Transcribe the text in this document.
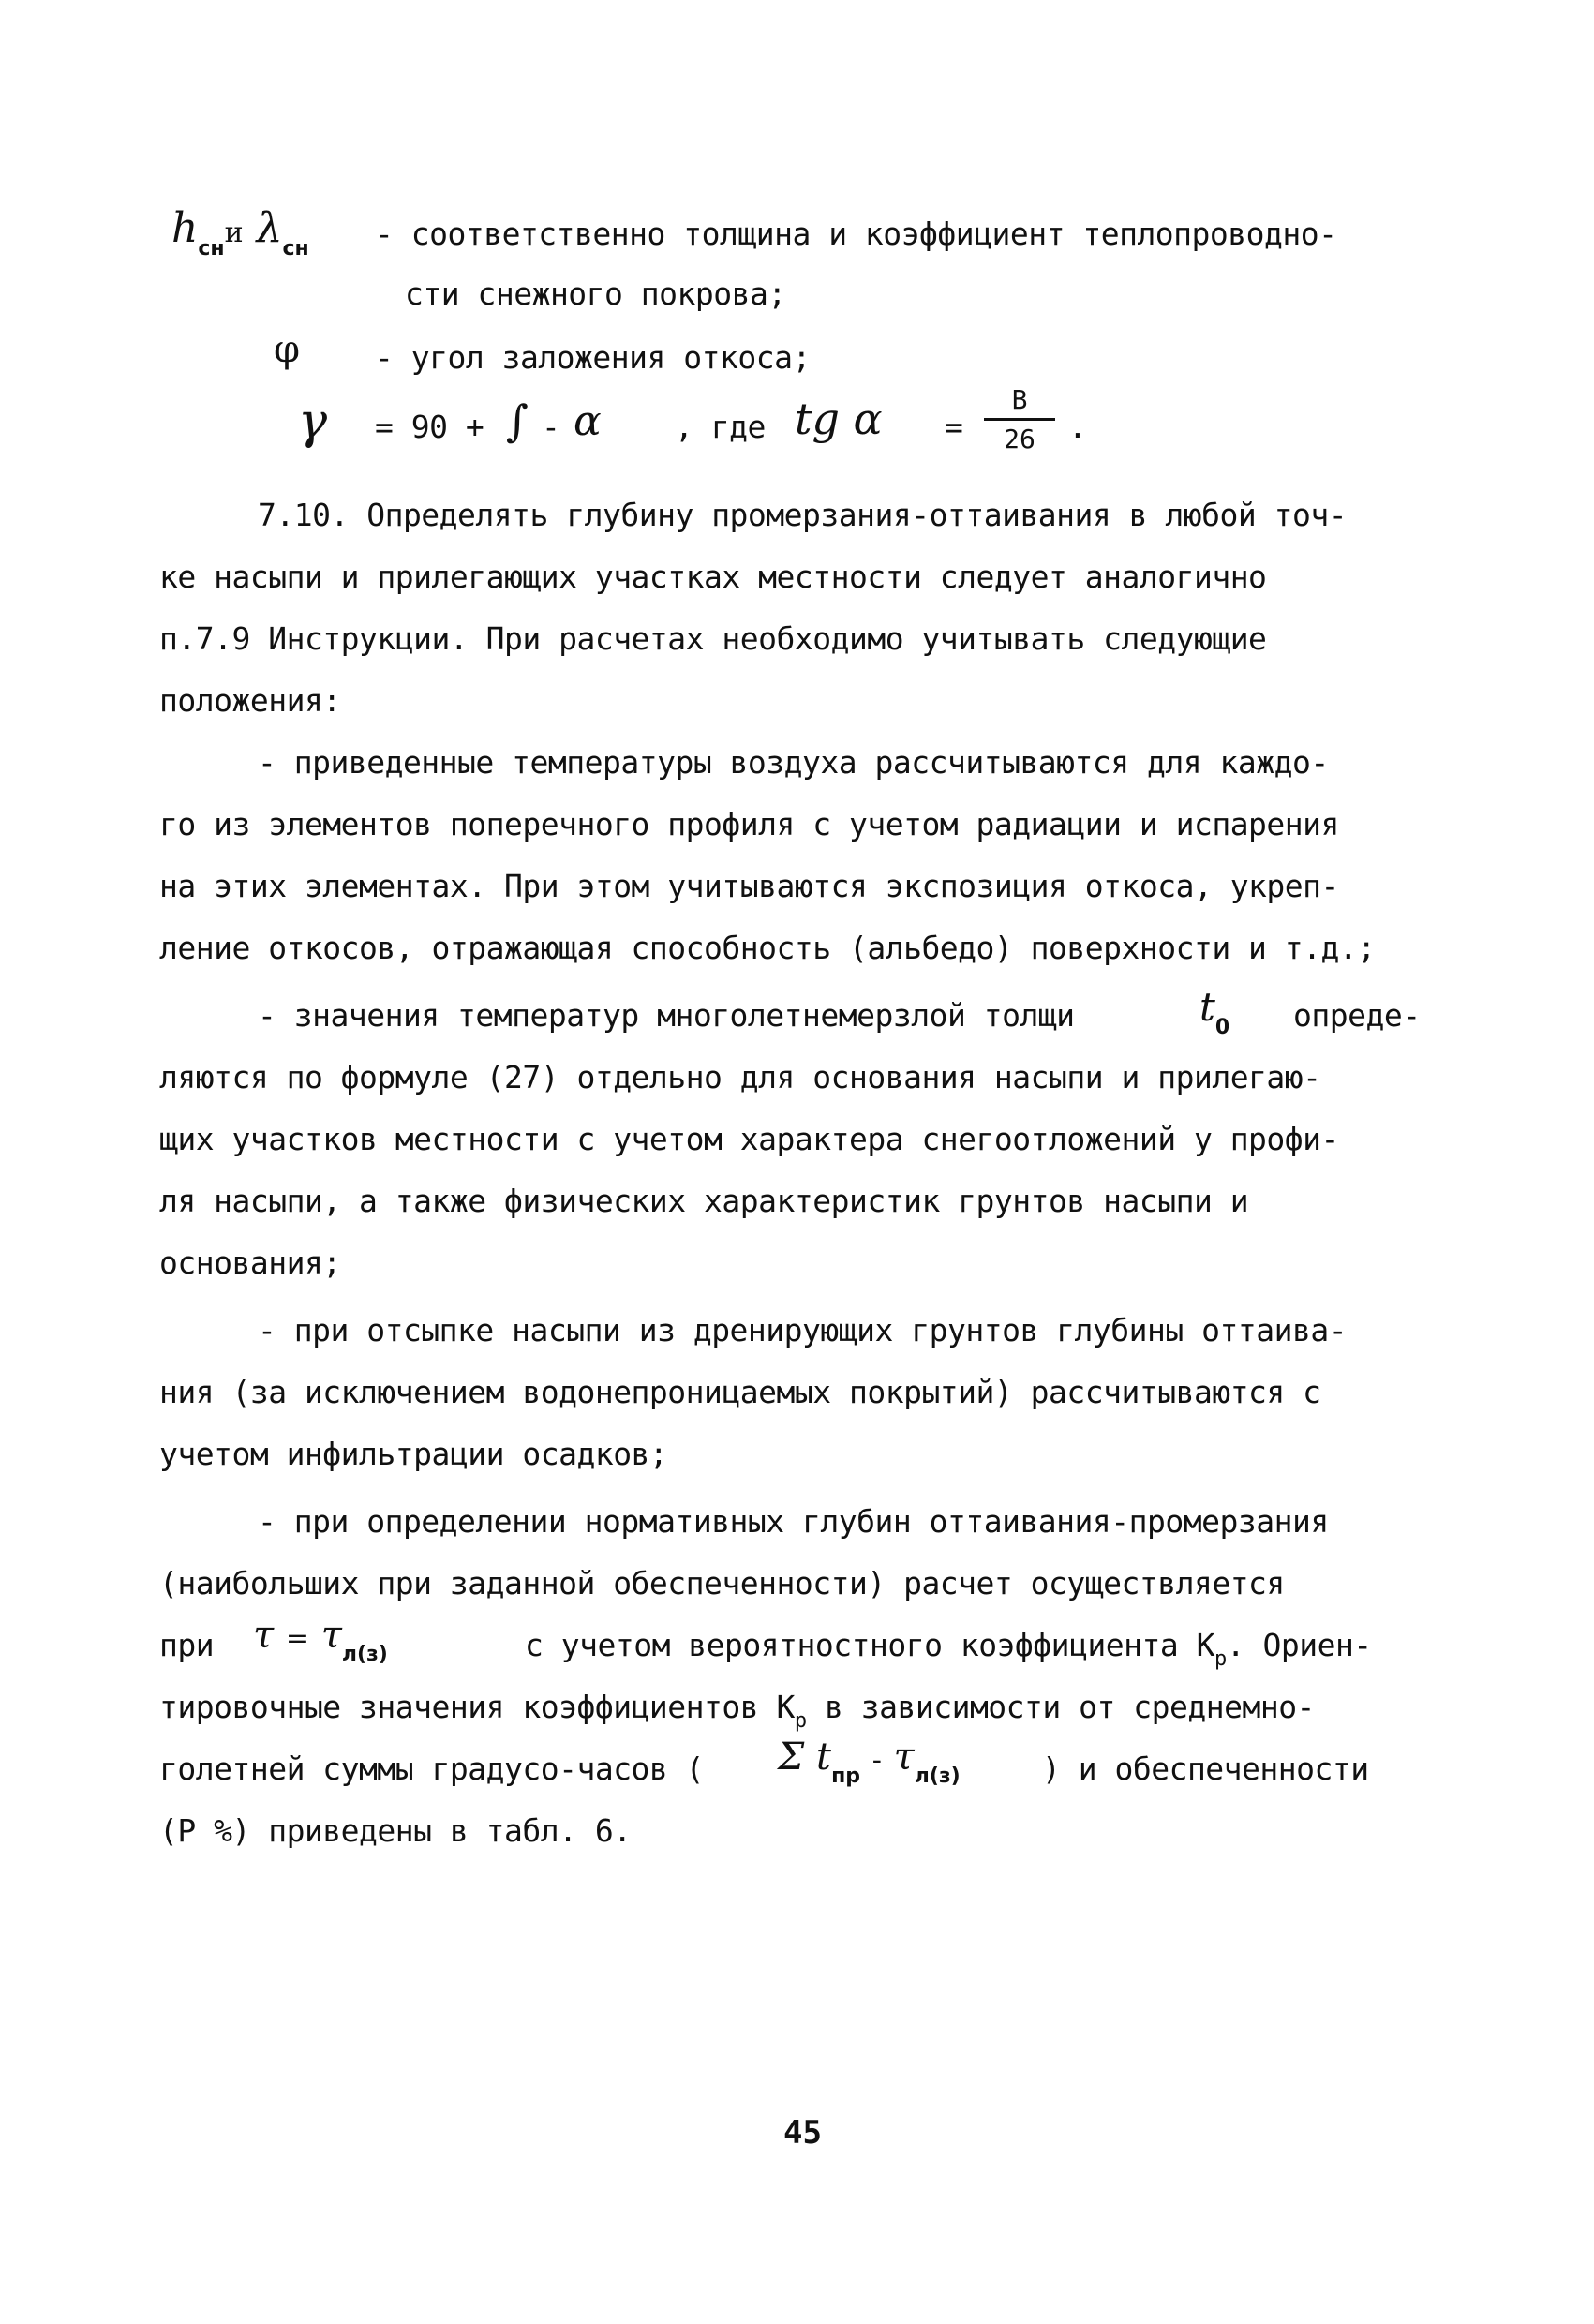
$h_{сн}и$ $\lambda_{сн}$ - соответственно толщина и коэффициент теплопроводно-
сти снежного покрова;
φ - угол заложения откоса;
γ = 90 + ∫ - α , где tg α =
В
26	.
7.10. Определять глубину промерзания-оттаивания в любой точ-
ке насыпи и прилегающих участках местности следует аналогично
п.7.9 Инструкции. При расчетах необходимо учитывать следующие
положения:
- приведенные температуры воздуха рассчитываются для каждо-
го из элементов поперечного профиля с учетом радиации и испарения
на этих элементах. При этом учитываются экспозиция откоса, укреп-
ление откосов, отражающая способность (альбедо) поверхности и т.д.;
- значения температур многолетнемерзлой толщи	$t_0$ опреде-
ляются по формуле (27) отдельно для основания насыпи и прилегаю-
щих участков местности с учетом характера снегоотложений у профи-
ля насыпи, а также физических характеристик грунтов насыпи и
основания;
- при отсыпке насыпи из дренирующих грунтов глубины оттаива-
ния (за исключением водонепроницаемых покрытий) рассчитываются с
учетом инфильтрации осадков;
- при определении нормативных глубин оттаивания-промерзания
(наибольших при заданной обеспеченности) расчет осуществляется
при $\tau = \tau_{л(з)}$	с учетом вероятностного коэффициента $К_р$. Ориен-
тировочные значения коэффициентов $К_р$ в зависимости от среднемно-
голетней суммы градусо-часов ( Σ $t_{пр} - \tau_{л(з)}$	) и обеспеченности
(Р %) приведены в табл. 6.
45
